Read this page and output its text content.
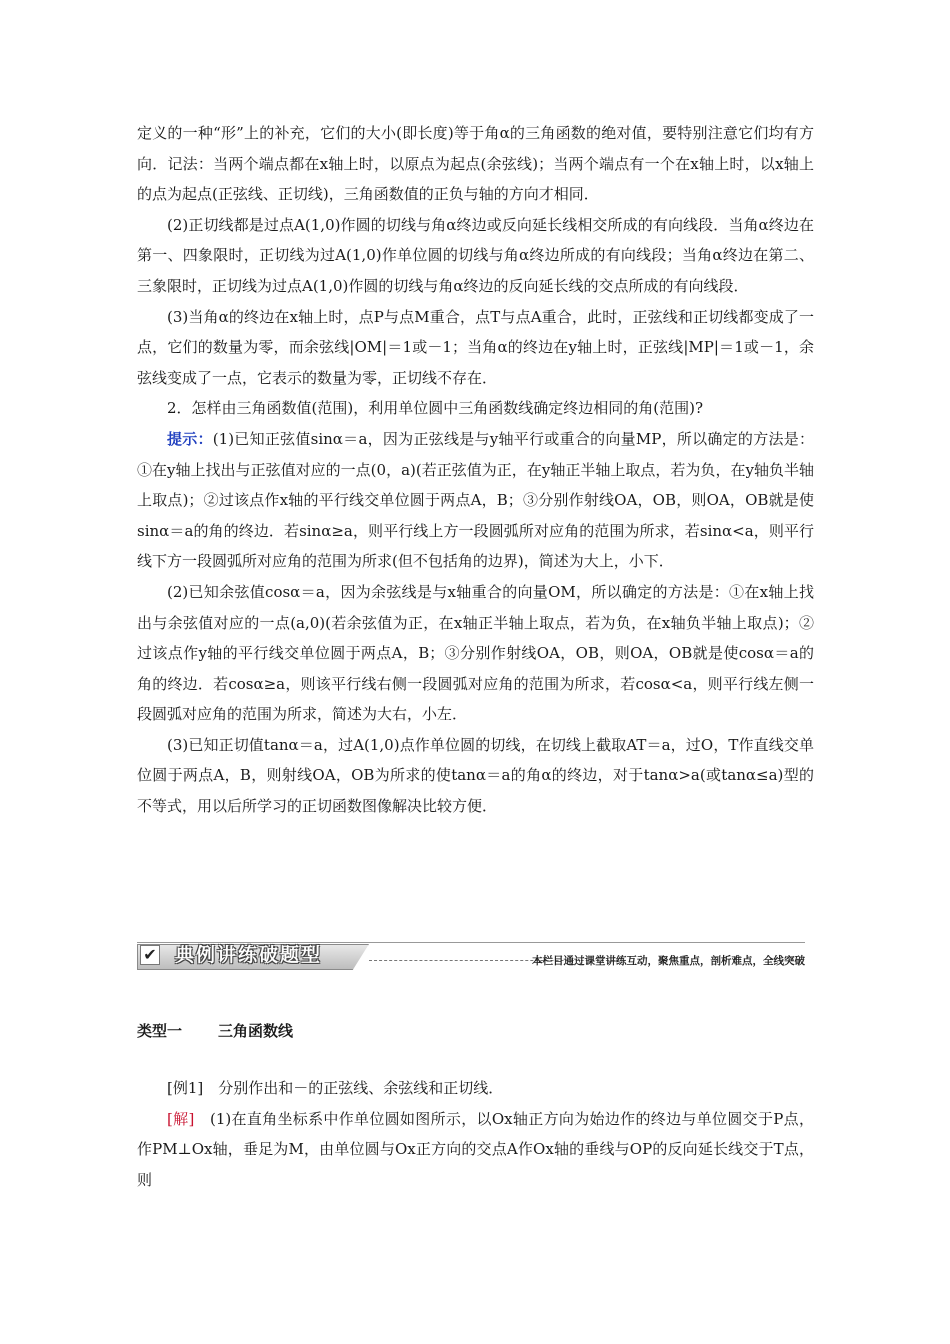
定义的一种“形”上的补充，它们的大小(即长度)等于角α的三角函数的绝对值，要特别注意它们均有方向．记法：当两个端点都在x轴上时，以原点为起点(余弦线)；当两个端点有一个在x轴上时，以x轴上的点为起点(正弦线、正切线)，三角函数值的正负与轴的方向才相同．

(2)正切线都是过点A(1,0)作圆的切线与角α终边或反向延长线相交所成的有向线段．当角α终边在第一、四象限时，正切线为过A(1,0)作单位圆的切线与角α终边所成的有向线段；当角α终边在第二、三象限时，正切线为过点A(1,0)作圆的切线与角α终边的反向延长线的交点所成的有向线段．

(3)当角α的终边在x轴上时，点P与点M重合，点T与点A重合，此时，正弦线和正切线都变成了一点，它们的数量为零，而余弦线|OM|＝1或－1；当角α的终边在y轴上时，正弦线|MP|＝1或－1，余弦线变成了一点，它表示的数量为零，正切线不存在．

2．怎样由三角函数值(范围)，利用单位圆中三角函数线确定终边相同的角(范围)?

提示：(1)已知正弦值sinα＝a，因为正弦线是与y轴平行或重合的向量MP，所以确定的方法是：①在y轴上找出与正弦值对应的一点(0，a)(若正弦值为正，在y轴正半轴上取点，若为负，在y轴负半轴上取点)；②过该点作x轴的平行线交单位圆于两点A，B；③分别作射线OA，OB，则OA，OB就是使sinα＝a的角的终边．若sinα≥a，则平行线上方一段圆弧所对应角的范围为所求，若sinα<a，则平行线下方一段圆弧所对应角的范围为所求(但不包括角的边界)，简述为大上，小下．

(2)已知余弦值cosα＝a，因为余弦线是与x轴重合的向量OM，所以确定的方法是：①在x轴上找出与余弦值对应的一点(a,0)(若余弦值为正，在x轴正半轴上取点，若为负，在x轴负半轴上取点)；②过该点作y轴的平行线交单位圆于两点A，B；③分别作射线OA，OB，则OA，OB就是使cosα＝a的角的终边．若cosα≥a，则该平行线右侧一段圆弧对应角的范围为所求，若cosα<a，则平行线左侧一段圆弧对应角的范围为所求，简述为大右，小左．

(3)已知正切值tanα＝a，过A(1,0)点作单位圆的切线，在切线上截取AT＝a，过O，T作直线交单位圆于两点A，B，则射线OA，OB为所求的使tanα＝a的角α的终边，对于tanα>a(或tanα≤a)型的不等式，用以后所学习的正切函数图像解决比较方便．

✔ 典例讲练破题型	本栏目通过课堂讲练互动，聚焦重点，剖析难点，全线突破
类型一 三角函数线

[例1]　分别作出和－的正弦线、余弦线和正切线．

[解]　(1)在直角坐标系中作单位圆如图所示，以Ox轴正方向为始边作的终边与单位圆交于P点，作PM⊥Ox轴，垂足为M，由单位圆与Ox正方向的交点A作Ox轴的垂线与OP的反向延长线交于T点，则
